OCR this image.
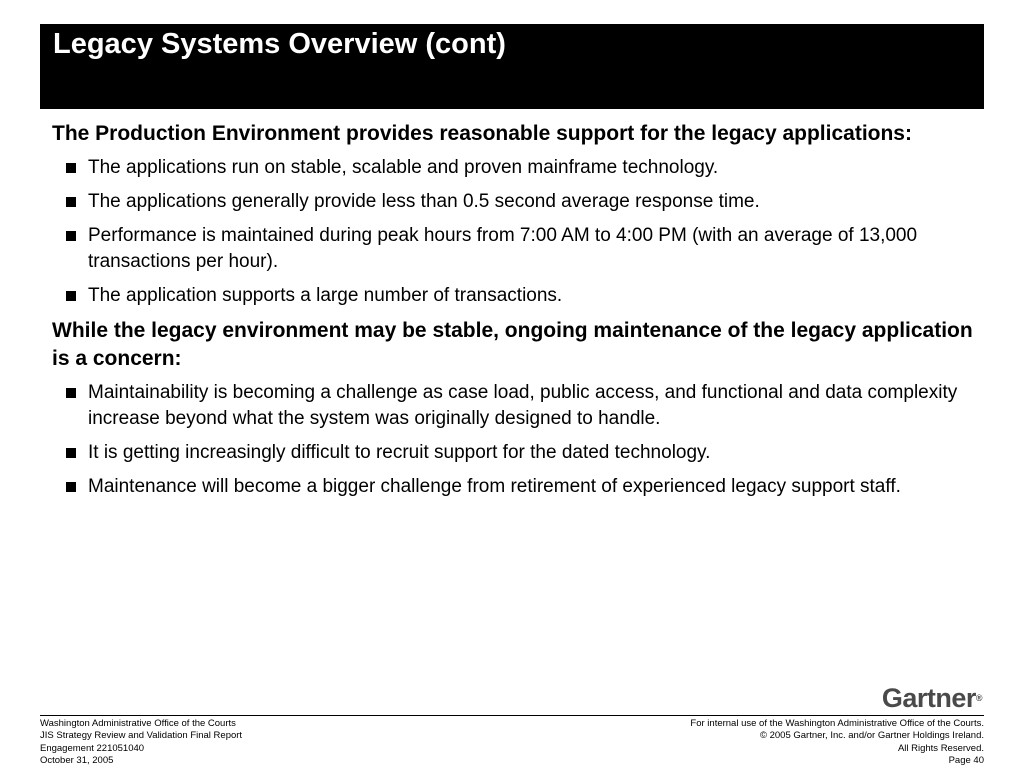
Legacy Systems Overview (cont)
The Production Environment provides reasonable support for the legacy applications:
The applications run on stable, scalable and proven mainframe technology.
The applications generally provide less than 0.5 second average response time.
Performance is maintained during peak hours from 7:00 AM to 4:00 PM (with an average of 13,000 transactions per hour).
The application supports a large number of transactions.
While the legacy environment may be stable, ongoing maintenance of the legacy application is a concern:
Maintainability is becoming a challenge as case load, public access, and functional and data complexity increase beyond what the system was originally designed to handle.
It is getting increasingly difficult to recruit support for the dated technology.
Maintenance will become a bigger challenge from retirement of experienced legacy support staff.
Gartner®
Washington Administrative Office of the Courts
JIS Strategy Review and Validation Final Report
Engagement 221051040
October 31, 2005
For internal use of the Washington Administrative Office of the Courts.
© 2005 Gartner, Inc. and/or Gartner Holdings Ireland.
All Rights Reserved.
Page 40
